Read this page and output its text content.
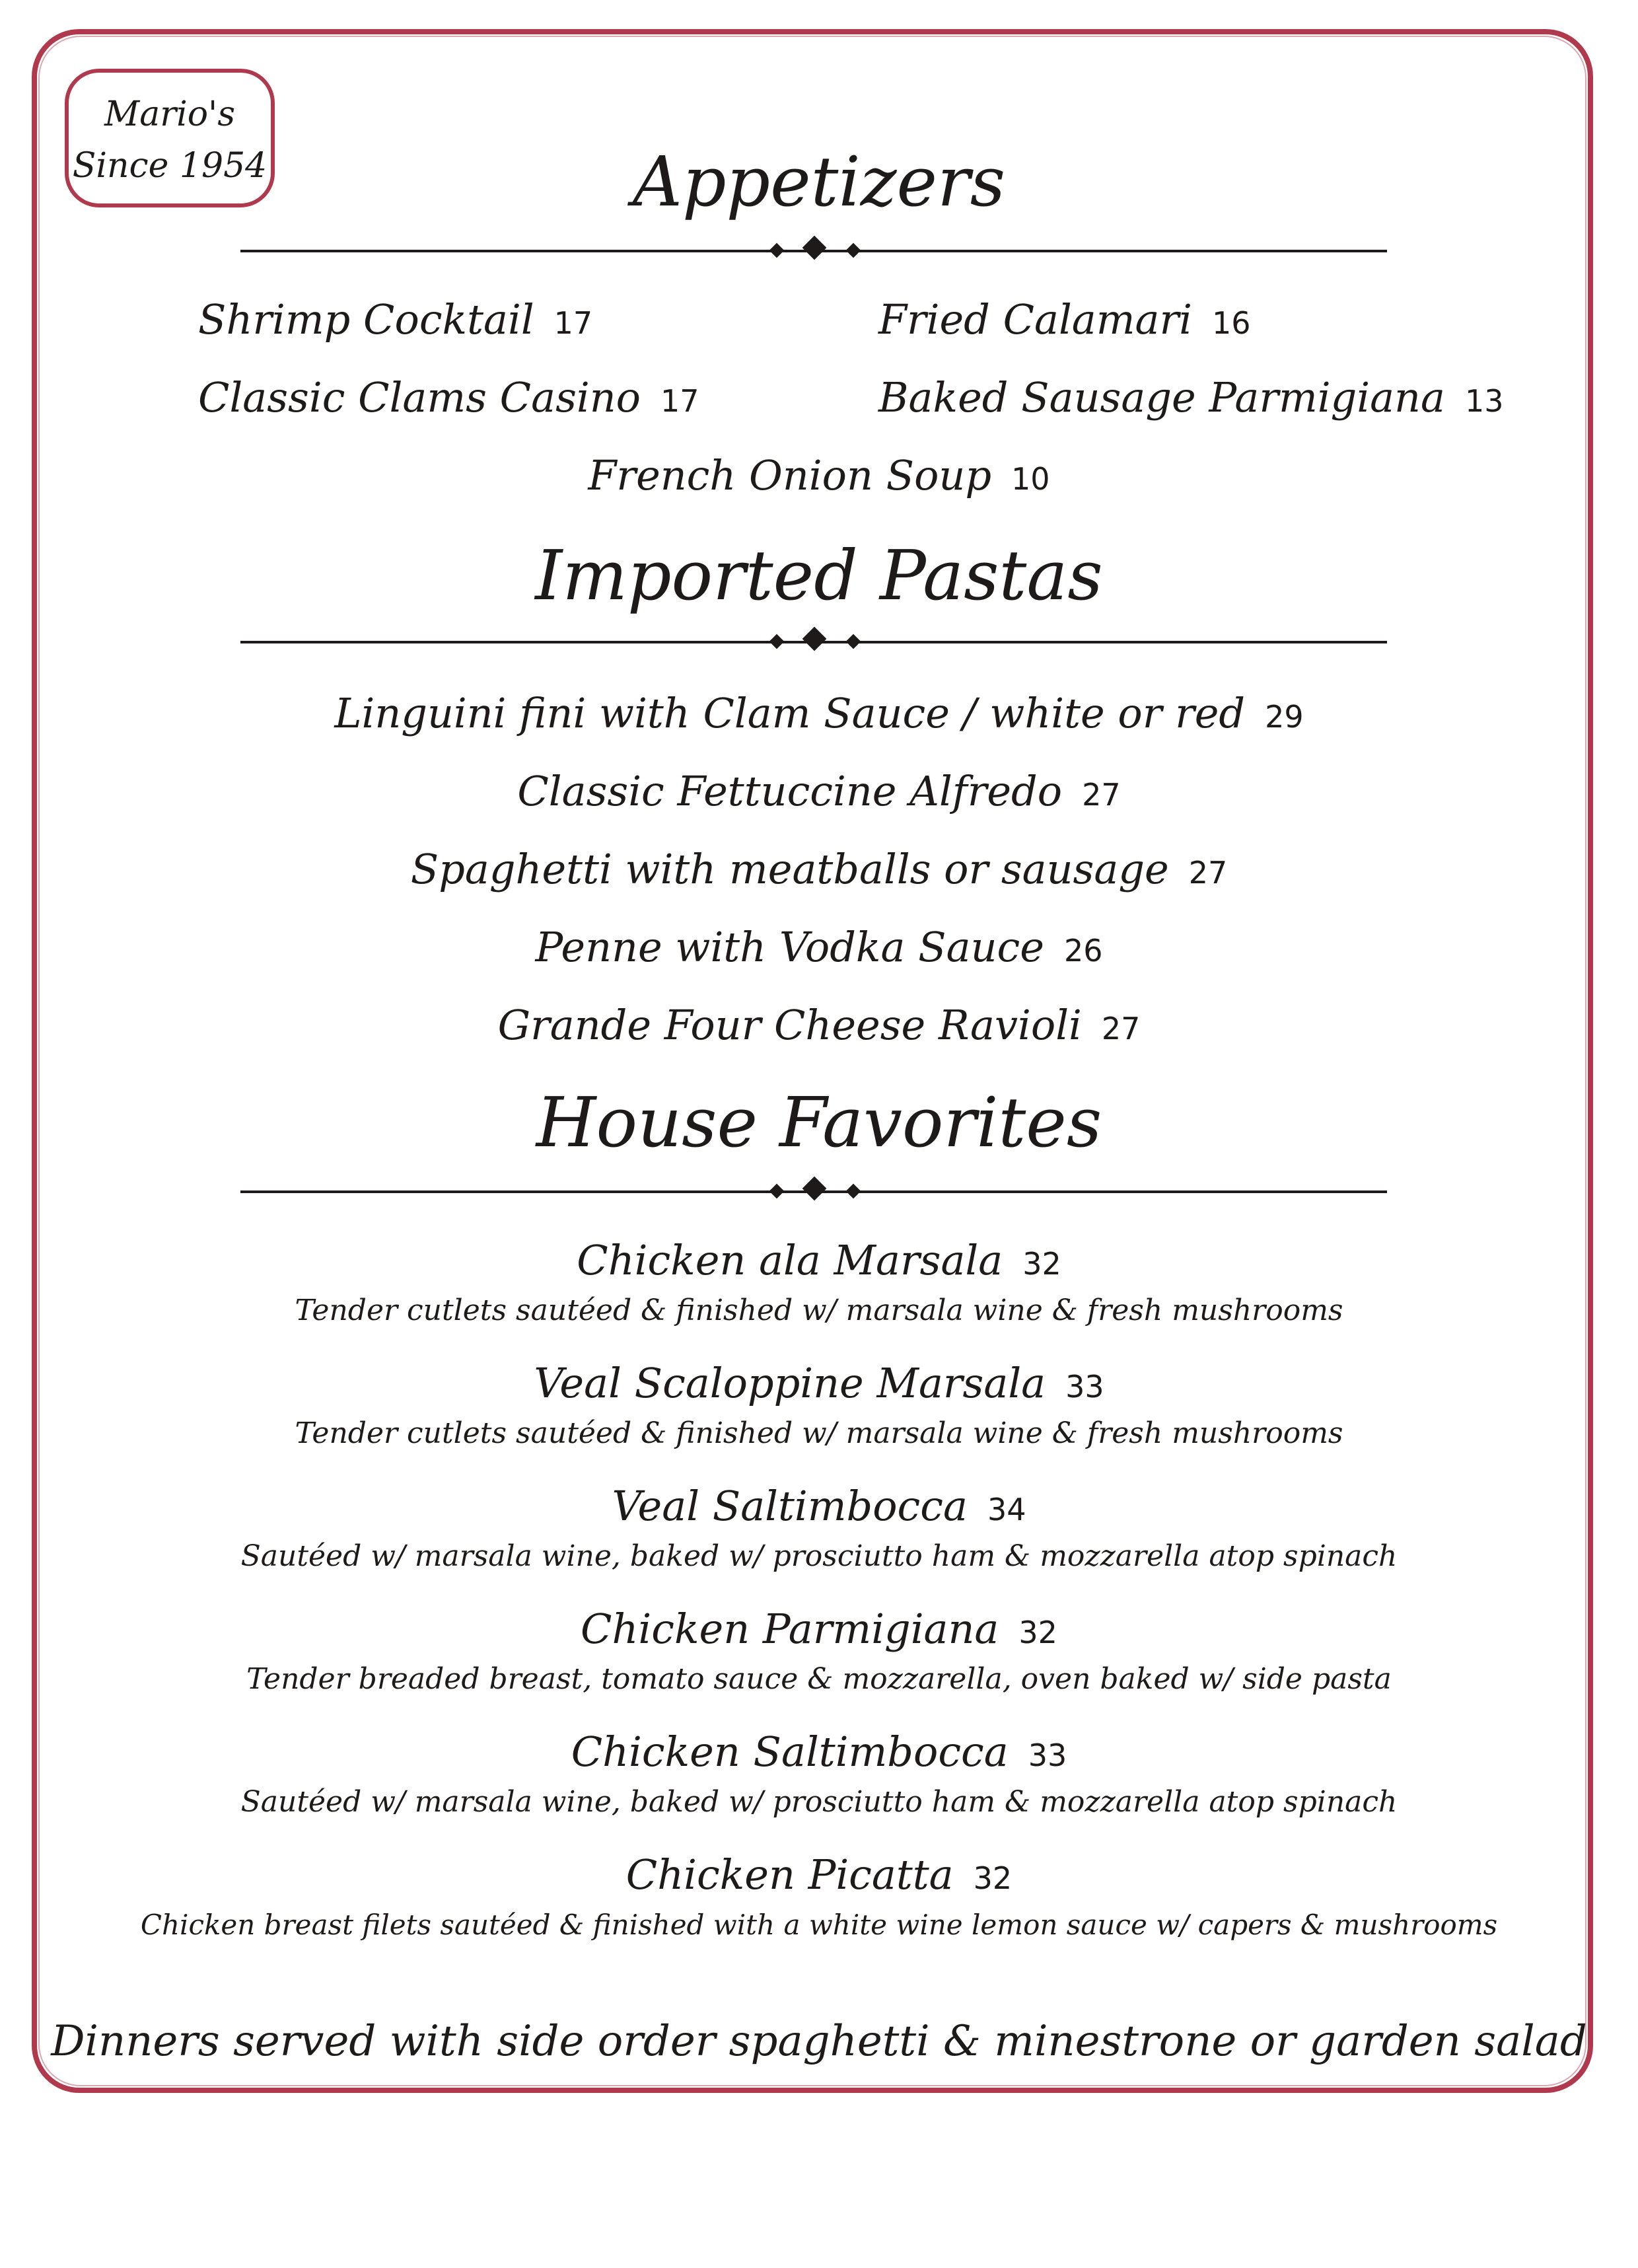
Mario's
Since 1954	Appetizers
Shrimp Cocktail 17	Fried Calamari 16
Classic Clams Casino 17	Baked Sausage Parmigiana 13
French Onion Soup 10
Imported Pastas
Linguini fini with Clam Sauce / white or red 29
Classic Fettuccine Alfredo 27
Spaghetti with meatballs or sausage 27
Penne with Vodka Sauce 26
Grande Four Cheese Ravioli 27
House Favorites
Chicken ala Marsala 32
Tender cutlets sautéed & finished w/ marsala wine & fresh mushrooms
Veal Scaloppine Marsala 33
Tender cutlets sautéed & finished w/ marsala wine & fresh mushrooms
Veal Saltimbocca 34
Sautéed w/ marsala wine, baked w/ prosciutto ham & mozzarella atop spinach
Chicken Parmigiana 32
Tender breaded breast, tomato sauce & mozzarella, oven baked w/ side pasta
Chicken Saltimbocca 33
Sautéed w/ marsala wine, baked w/ prosciutto ham & mozzarella atop spinach
Chicken Picatta 32
Chicken breast filets sautéed & finished with a white wine lemon sauce w/ capers & mushrooms
Dinners served with side order spaghetti & minestrone or garden salad
